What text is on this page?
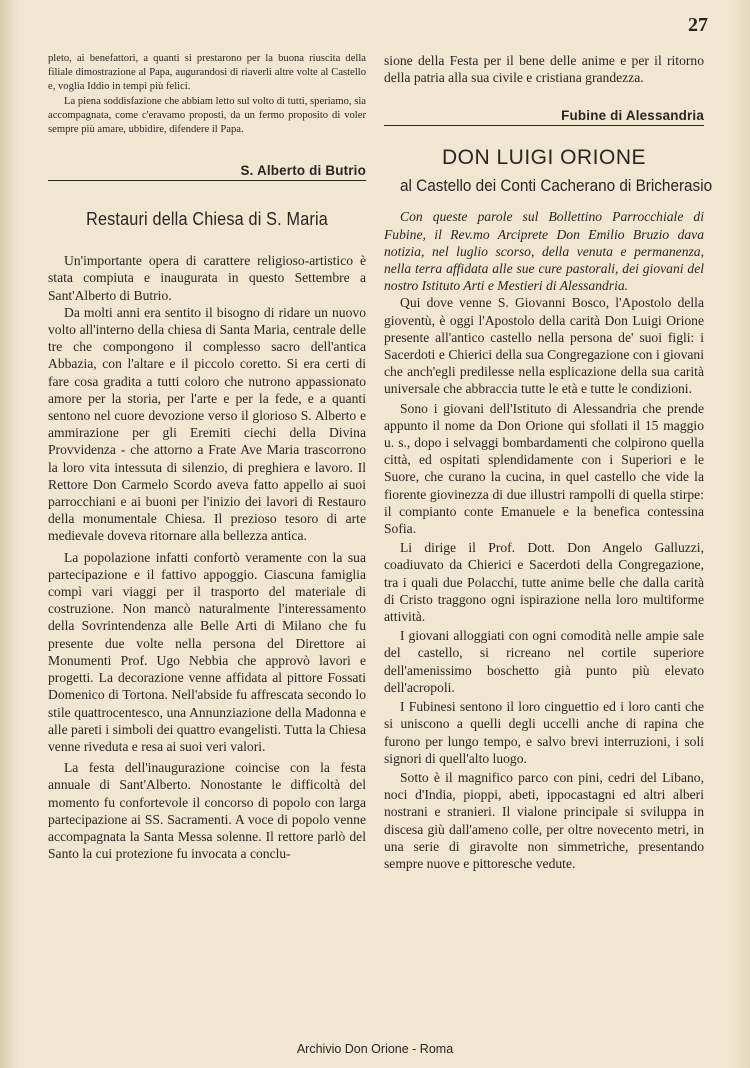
27

pleto, ai benefattori, a quanti si prestarono per la buona riuscita della filiale dimostrazione al Papa, augurandosi di riaverli altre volte al Castello e, voglia Iddio in tempi più felici.

La piena soddisfazione che abbiam letto sul volto di tutti, speriamo, sia accompagnata, come c'eravamo proposti, da un fermo proposito di voler sempre più amare, ubbidire, difendere il Papa.

S. Alberto di Butrio
Restauri della Chiesa di S. Maria

Un'importante opera di carattere religioso-artistico è stata compiuta e inaugurata in questo Settembre a Sant'Alberto di Butrio.

Da molti anni era sentito il bisogno di ridare un nuovo volto all'interno della chiesa di Santa Maria, centrale delle tre che compongono il complesso sacro dell'antica Abbazia, con l'altare e il piccolo coretto. Si era certi di fare cosa gradita a tutti coloro che nutrono appassionato amore per la storia, per l'arte e per la fede, e a quanti sentono nel cuore devozione verso il glorioso S. Alberto e ammirazione per gli Eremiti ciechi della Divina Provvidenza - che attorno a Frate Ave Maria trascorrono la loro vita intessuta di silenzio, di preghiera e lavoro. Il Rettore Don Carmelo Scordo aveva fatto appello ai suoi parrocchiani e ai buoni per l'inizio dei lavori di Restauro della monumentale Chiesa. Il prezioso tesoro di arte medievale doveva ritornare alla bellezza antica.

La popolazione infatti confortò veramente con la sua partecipazione e il fattivo appoggio. Ciascuna famiglia compì vari viaggi per il trasporto del materiale di costruzione. Non mancò naturalmente l'interessamento della Sovrintendenza alle Belle Arti di Milano che fu presente due volte nella persona del Direttore ai Monumenti Prof. Ugo Nebbia che approvò lavori e progetti. La decorazione venne affidata al pittore Fossati Domenico di Tortona. Nell'abside fu affrescata secondo lo stile quattrocentesco, una Annunziazione della Madonna e alle pareti i simboli dei quattro evangelisti. Tutta la Chiesa venne riveduta e resa ai suoi veri valori.

La festa dell'inaugurazione coincise con la festa annuale di Sant'Alberto. Nonostante le difficoltà del momento fu confortevole il concorso di popolo con larga partecipazione ai SS. Sacramenti. A voce di popolo venne accompagnata la Santa Messa solenne. Il rettore parlò del Santo la cui protezione fu invocata a conclu-

sione della Festa per il bene delle anime e per il ritorno della patria alla sua civile e cristiana grandezza.

Fubine di Alessandria
DON LUIGI ORIONE
al Castello dei Conti Cacherano di Bricherasio

Con queste parole sul Bollettino Parrocchiale di Fubine, il Rev.mo Arciprete Don Emilio Bruzio dava notizia, nel luglio scorso, della venuta e permanenza, nella terra affidata alle sue cure pastorali, dei giovani del nostro Istituto Arti e Mestieri di Alessandria.

Qui dove venne S. Giovanni Bosco, l'Apostolo della gioventù, è oggi l'Apostolo della carità Don Luigi Orione presente all'antico castello nella persona de' suoi figli: i Sacerdoti e Chierici della sua Congregazione con i giovani che anch'egli predilesse nella esplicazione della sua carità universale che abbraccia tutte le età e tutte le condizioni.

Sono i giovani dell'Istituto di Alessandria che prende appunto il nome da Don Orione qui sfollati il 15 maggio u. s., dopo i selvaggi bombardamenti che colpirono quella città, ed ospitati splendidamente con i Superiori e le Suore, che curano la cucina, in quel castello che vide la fiorente giovinezza di due illustri rampolli di quella stirpe: il compianto conte Emanuele e la benefica contessina Sofia.

Li dirige il Prof. Dott. Don Angelo Galluzzi, coadiuvato da Chierici e Sacerdoti della Congregazione, tra i quali due Polacchi, tutte anime belle che dalla carità di Cristo traggono ogni ispirazione nella loro multiforme attività.

I giovani alloggiati con ogni comodità nelle ampie sale del castello, si ricreano nel cortile superiore dell'amenissimo boschetto già punto più elevato dell'acropoli.

I Fubinesi sentono il loro cinguettio ed i loro canti che si uniscono a quelli degli uccelli anche di rapina che furono per lungo tempo, e salvo brevi interruzioni, i soli signori di quell'alto luogo.

Sotto è il magnifico parco con pini, cedri del Libano, noci d'India, pioppi, abeti, ippocastagni ed altri alberi nostrani e stranieri. Il vialone principale si sviluppa in discesa giù dall'ameno colle, per oltre novecento metri, in una serie di giravolte non simmetriche, presentando sempre nuove e pittoresche vedute.

Archivio Don Orione - Roma
